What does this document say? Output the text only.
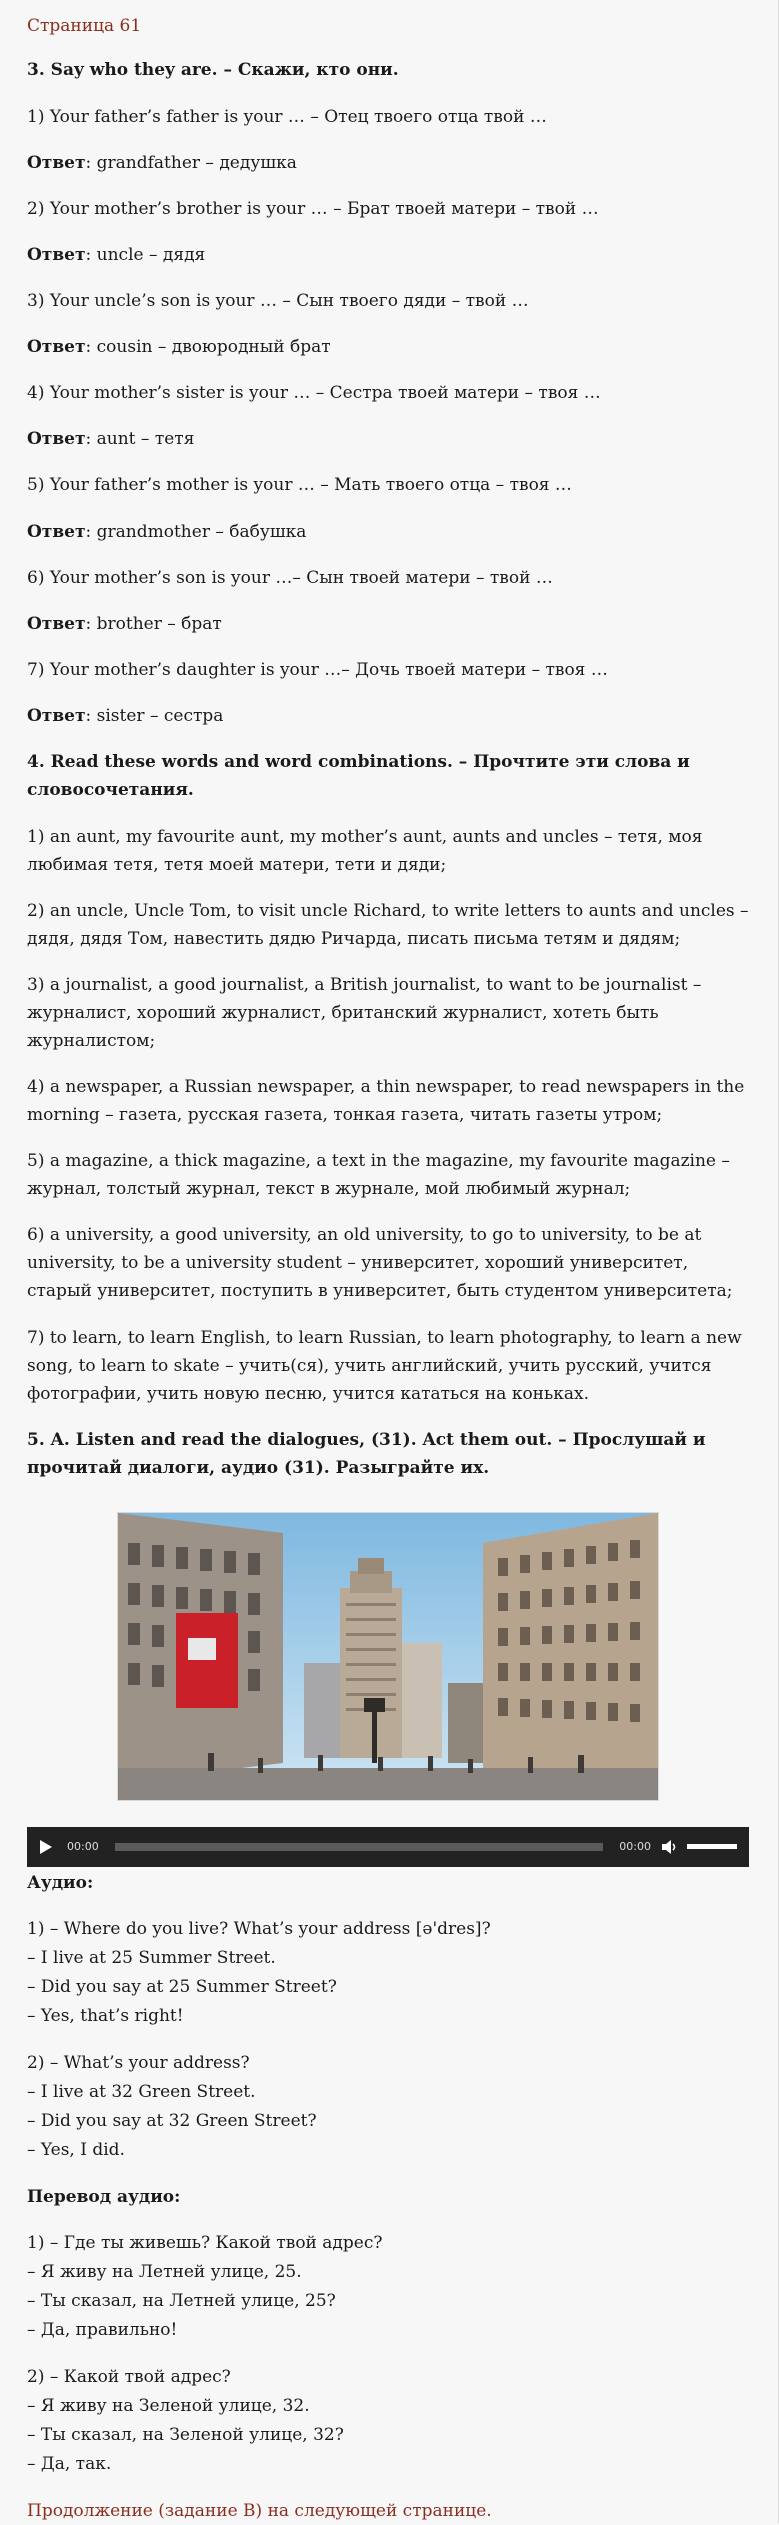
Страница 61

3. Say who they are. – Скажи, кто они.

1) Your father’s father is your … – Отец твоего отца твой …

Ответ: grandfather – дедушка

2) Your mother’s brother is your … – Брат твоей матери – твой …

Ответ: uncle – дядя

3) Your uncle’s son is your … – Сын твоего дяди – твой …

Ответ: cousin – двоюродный брат

4) Your mother’s sister is your … – Сестра твоей матери – твоя …

Ответ: aunt – тетя

5) Your father’s mother is your … – Мать твоего отца – твоя …

Ответ: grandmother – бабушка

6) Your mother’s son is your …– Сын твоей матери – твой …

Ответ: brother – брат

7) Your mother’s daughter is your …– Дочь твоей матери – твоя …

Ответ: sister – сестра

4. Read these words and word combinations. – Прочтите эти слова и словосочетания.

1) an aunt, my favourite aunt, my mother’s aunt, aunts and uncles – тетя, моя любимая тетя, тетя моей матери, тети и дяди;

2) an uncle, Uncle Tom, to visit uncle Richard, to write letters to aunts and uncles – дядя, дядя Том, навестить дядю Ричарда, писать письма тетям и дядям;

3) a journalist, a good journalist, a British journalist, to want to be journalist – журналист, хороший журналист, британский журналист, хотеть быть журналистом;

4) a newspaper, a Russian newspaper, a thin newspaper, to read newspapers in the morning – газета, русская газета, тонкая газета, читать газеты утром;

5) a magazine, a thick magazine, a text in the magazine, my favourite magazine – журнал, толстый журнал, текст в журнале, мой любимый журнал;

6) a university, a good university, an old university, to go to university, to be at university, to be a university student – университет, хороший университет, старый университет, поступить в университет, быть студентом университета;

7) to learn, to learn English, to learn Russian, to learn photography, to learn a new song, to learn to skate – учить(ся), учить английский, учить русский, учится фотографии, учить новую песню, учится кататься на коньках.

5. A. Listen and read the dialogues, (31). Act them out. – Прослушай и прочитай диалоги, аудио (31). Разыграйте их.

00:00	00:00

Аудио:

1) – Where do you live? What’s your address [ə'dres]?
– I live at 25 Summer Street.
– Did you say at 25 Summer Street?
– Yes, that’s right!
2) – What’s your address?
– I live at 32 Green Street.
– Did you say at 32 Green Street?
– Yes, I did.

Перевод аудио:

1) – Где ты живешь? Какой твой адрес?
– Я живу на Летней улице, 25.
– Ты сказал, на Летней улице, 25?
– Да, правильно!
2) – Какой твой адрес?
– Я живу на Зеленой улице, 32.
– Ты сказал, на Зеленой улице, 32?
– Да, так.
Продолжение (задание B) на следующей странице.
